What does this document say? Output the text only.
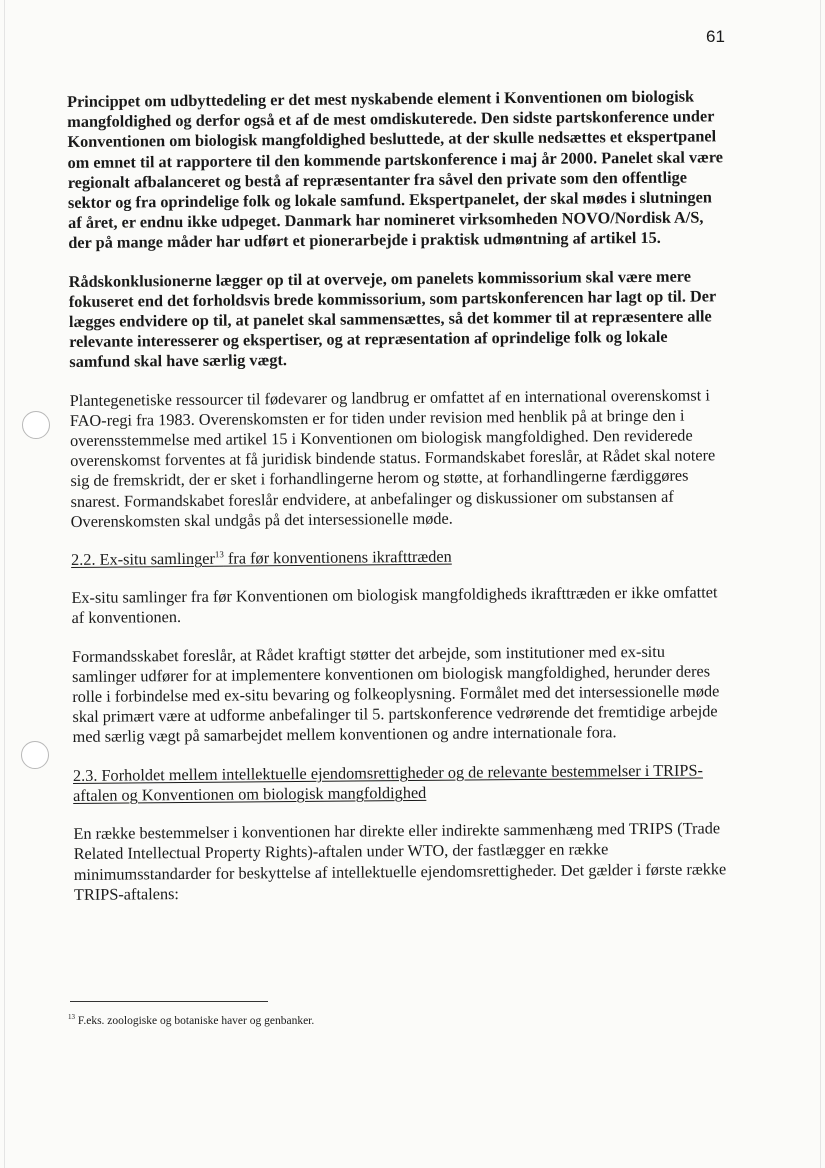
61

Princippet om udbyttedeling er det mest nyskabende element i Konventionen om biologisk mangfoldighed og derfor også et af de mest omdiskuterede. Den sidste partskonference under Konventionen om biologisk mangfoldighed besluttede, at der skulle nedsættes et ekspertpanel om emnet til at rapportere til den kommende partskonference i maj år 2000. Panelet skal være regionalt afbalanceret og bestå af repræsentanter fra såvel den private som den offentlige sektor og fra oprindelige folk og lokale samfund. Ekspertpanelet, der skal mødes i slutningen af året, er endnu ikke udpeget. Danmark har nomineret virksomheden NOVO/Nordisk A/S, der på mange måder har udført et pionerarbejde i praktisk udmøntning af artikel 15.

Rådskonklusionerne lægger op til at overveje, om panelets kommissorium skal være mere fokuseret end det forholdsvis brede kommissorium, som partskonferencen har lagt op til. Der lægges endvidere op til, at panelet skal sammensættes, så det kommer til at repræsentere alle relevante interesserer og ekspertiser, og at repræsentation af oprindelige folk og lokale samfund skal have særlig vægt.

Plantegenetiske ressourcer til fødevarer og landbrug er omfattet af en international overenskomst i FAO-regi fra 1983. Overenskomsten er for tiden under revision med henblik på at bringe den i overensstemmelse med artikel 15 i Konventionen om biologisk mangfoldighed. Den reviderede overenskomst forventes at få juridisk bindende status. Formandskabet foreslår, at Rådet skal notere sig de fremskridt, der er sket i forhandlingerne herom og støtte, at forhandlingerne færdiggøres snarest. Formandskabet foreslår endvidere, at anbefalinger og diskussioner om substansen af Overenskomsten skal undgås på det intersessionelle møde.

2.2. Ex-situ samlinger$^{13}$ fra før konventionens ikrafttræden

Ex-situ samlinger fra før Konventionen om biologisk mangfoldigheds ikrafttræden er ikke omfattet af konventionen.

Formandsskabet foreslår, at Rådet kraftigt støtter det arbejde, som institutioner med ex-situ samlinger udfører for at implementere konventionen om biologisk mangfoldighed, herunder deres rolle i forbindelse med ex-situ bevaring og folkeoplysning. Formålet med det intersessionelle møde skal primært være at udforme anbefalinger til 5. partskonference vedrørende det fremtidige arbejde med særlig vægt på samarbejdet mellem konventionen og andre internationale fora.

2.3. Forholdet mellem intellektuelle ejendomsrettigheder og de relevante bestemmelser i TRIPS-aftalen og Konventionen om biologisk mangfoldighed

En række bestemmelser i konventionen har direkte eller indirekte sammenhæng med TRIPS (Trade Related Intellectual Property Rights)-aftalen under WTO, der fastlægger en række minimumsstandarder for beskyttelse af intellektuelle ejendomsrettigheder. Det gælder i første række TRIPS-aftalens:

$^{13}$ F.eks. zoologiske og botaniske haver og genbanker.
